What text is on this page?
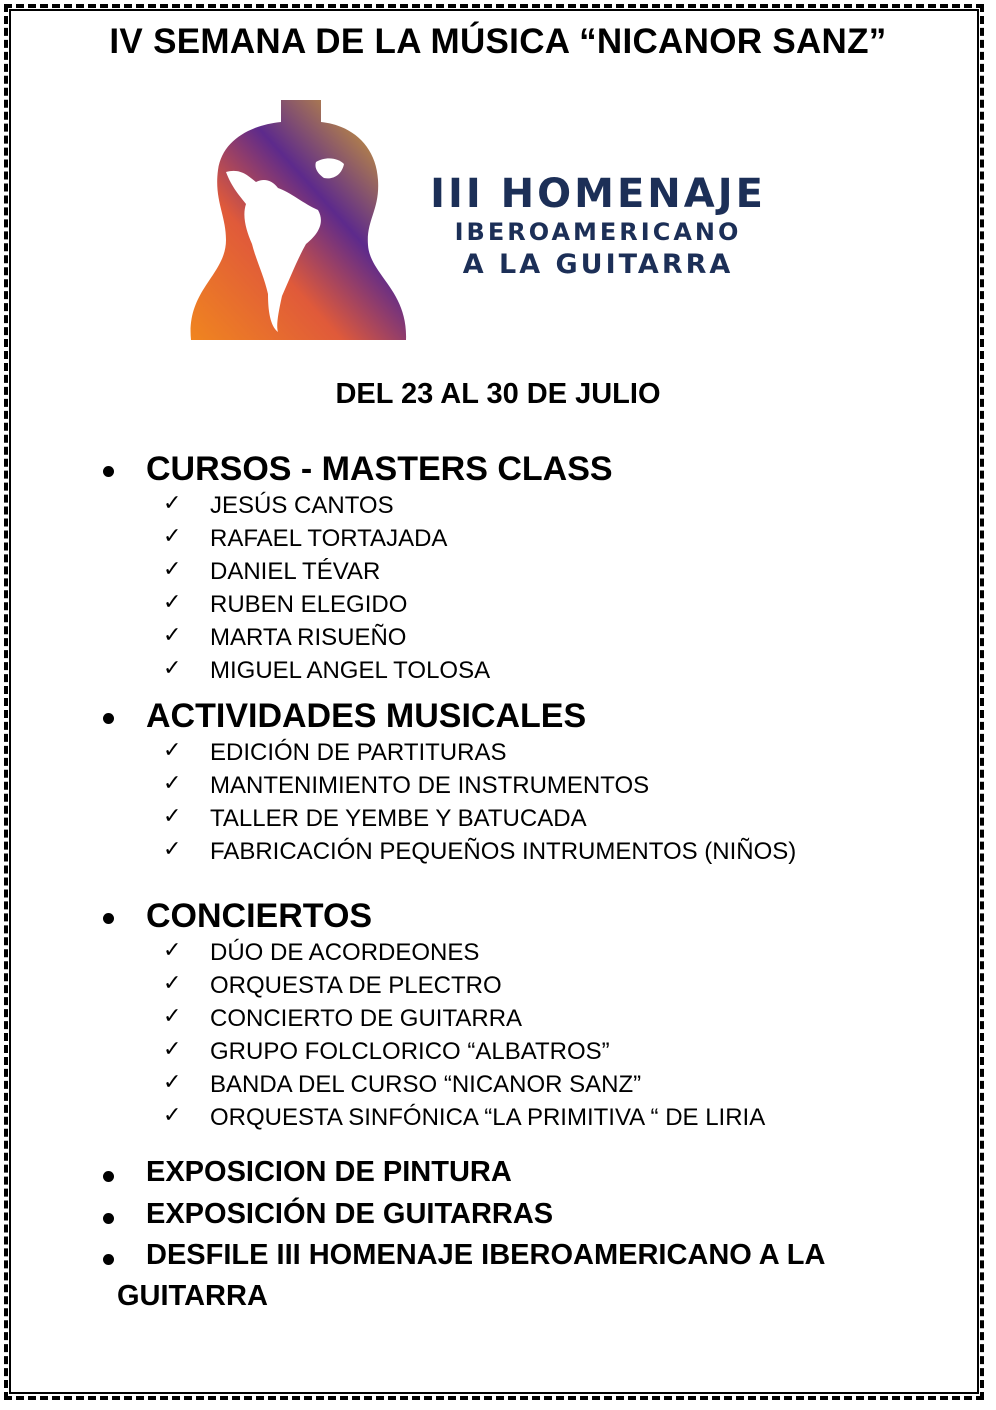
IV SEMANA DE LA MÚSICA “NICANOR SANZ”
III HOMENAJE
IBEROAMERICANO
A LA GUITARRA
DEL 23 AL 30 DE JULIO
CURSOS - MASTERS CLASS
✓ JESÚS CANTOS
✓ RAFAEL TORTAJADA
✓ DANIEL TÉVAR
✓ RUBEN ELEGIDO
✓ MARTA RISUEÑO
✓ MIGUEL ANGEL TOLOSA
ACTIVIDADES MUSICALES
✓ EDICIÓN DE PARTITURAS
✓ MANTENIMIENTO DE INSTRUMENTOS
✓ TALLER DE YEMBE Y BATUCADA
✓ FABRICACIÓN PEQUEÑOS INTRUMENTOS (NIÑOS)
CONCIERTOS
✓ DÚO DE ACORDEONES
✓ ORQUESTA DE PLECTRO
✓ CONCIERTO DE GUITARRA
✓ GRUPO FOLCLORICO “ALBATROS”
✓ BANDA DEL CURSO “NICANOR SANZ”
✓ ORQUESTA SINFÓNICA “LA PRIMITIVA “ DE LIRIA
EXPOSICION DE PINTURA
EXPOSICIÓN DE GUITARRAS
DESFILE III HOMENAJE IBEROAMERICANO A LA
GUITARRA
